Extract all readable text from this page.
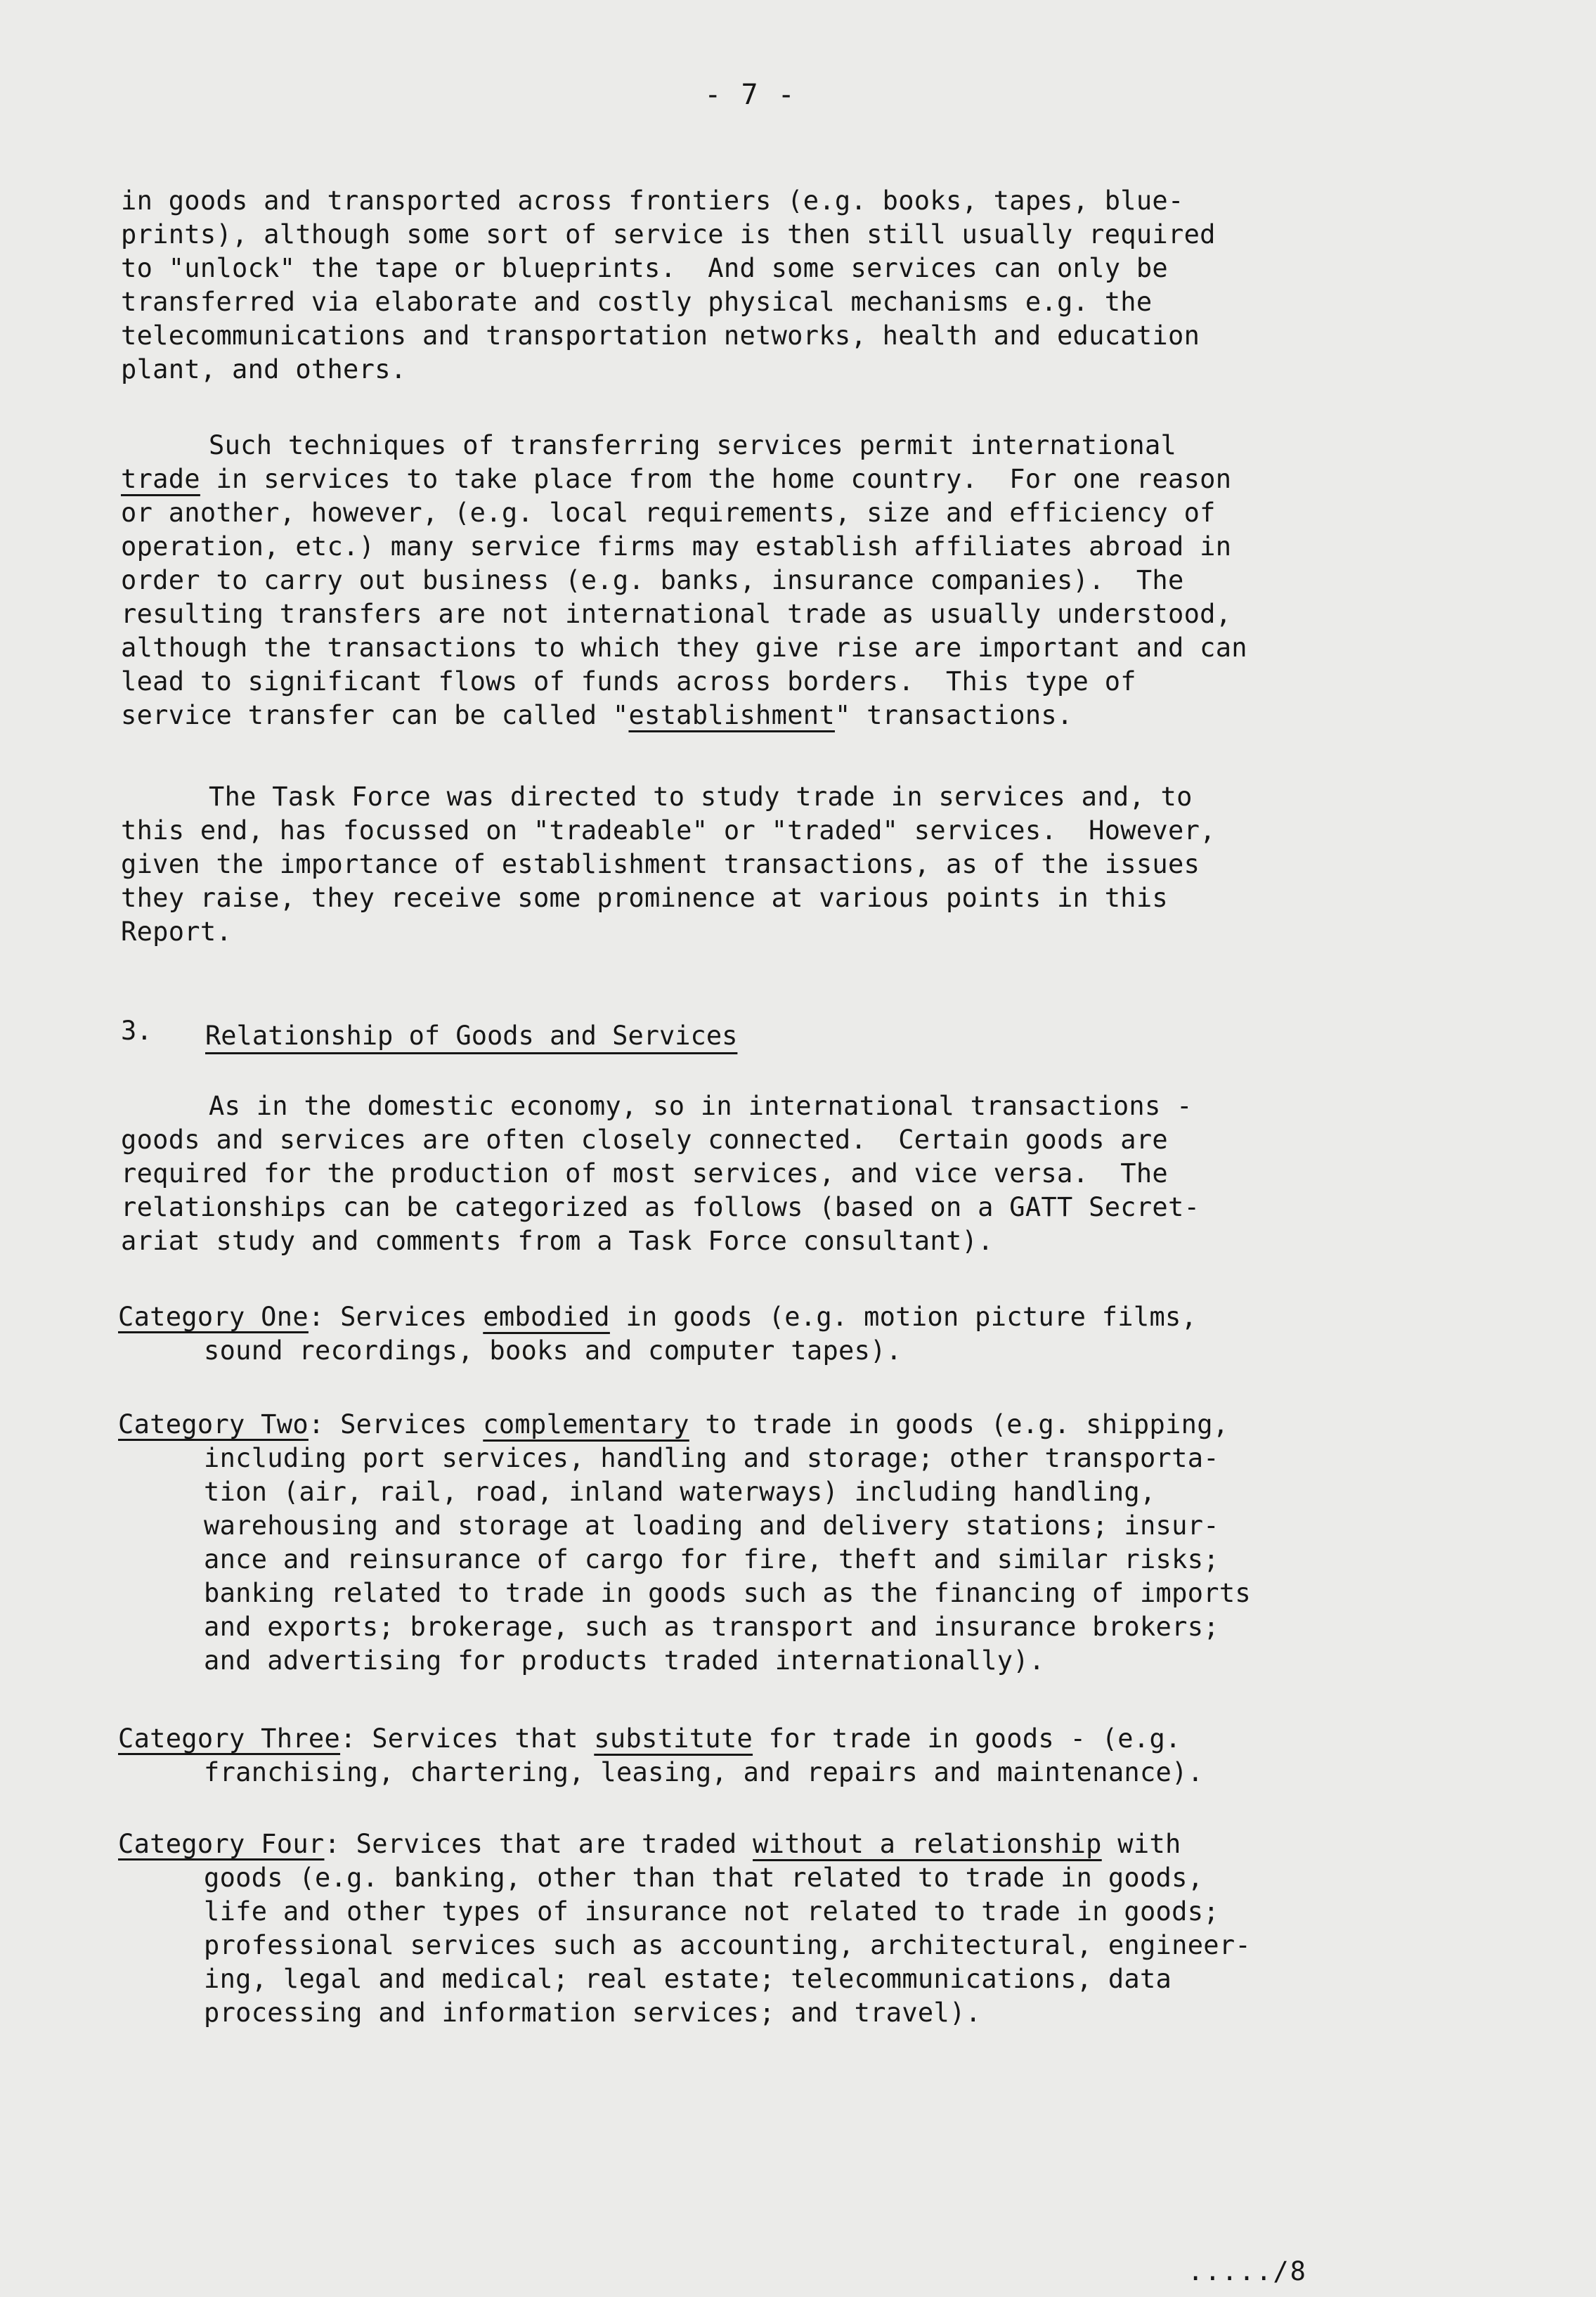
- 7 -
in goods and transported across frontiers (e.g. books, tapes, blue-
prints), although some sort of service is then still usually required
to "unlock" the tape or blueprints.  And some services can only be
transferred via elaborate and costly physical mechanisms e.g. the
telecommunications and transportation networks, health and education
plant, and others.
Such techniques of transferring services permit international
trade in services to take place from the home country.  For one reason
or another, however, (e.g. local requirements, size and efficiency of
operation, etc.) many service firms may establish affiliates abroad in
order to carry out business (e.g. banks, insurance companies).  The
resulting transfers are not international trade as usually understood,
although the transactions to which they give rise are important and can
lead to significant flows of funds across borders.  This type of
service transfer can be called "establishment" transactions.
The Task Force was directed to study trade in services and, to
this end, has focussed on "tradeable" or "traded" services.  However,
given the importance of establishment transactions, as of the issues
they raise, they receive some prominence at various points in this
Report.
3. Relationship of Goods and Services
As in the domestic economy, so in international transactions -
goods and services are often closely connected.  Certain goods are
required for the production of most services, and vice versa.  The
relationships can be categorized as follows (based on a GATT Secret-
ariat study and comments from a Task Force consultant).
Category One: Services embodied in goods (e.g. motion picture films,
sound recordings, books and computer tapes).
Category Two: Services complementary to trade in goods (e.g. shipping,
including port services, handling and storage; other transporta-
tion (air, rail, road, inland waterways) including handling,
warehousing and storage at loading and delivery stations; insur-
ance and reinsurance of cargo for fire, theft and similar risks;
banking related to trade in goods such as the financing of imports
and exports; brokerage, such as transport and insurance brokers;
and advertising for products traded internationally).
Category Three: Services that substitute for trade in goods - (e.g.
franchising, chartering, leasing, and repairs and maintenance).
Category Four: Services that are traded without a relationship with
goods (e.g. banking, other than that related to trade in goods,
life and other types of insurance not related to trade in goods;
professional services such as accounting, architectural, engineer-
ing, legal and medical; real estate; telecommunications, data
processing and information services; and travel).
...../8
